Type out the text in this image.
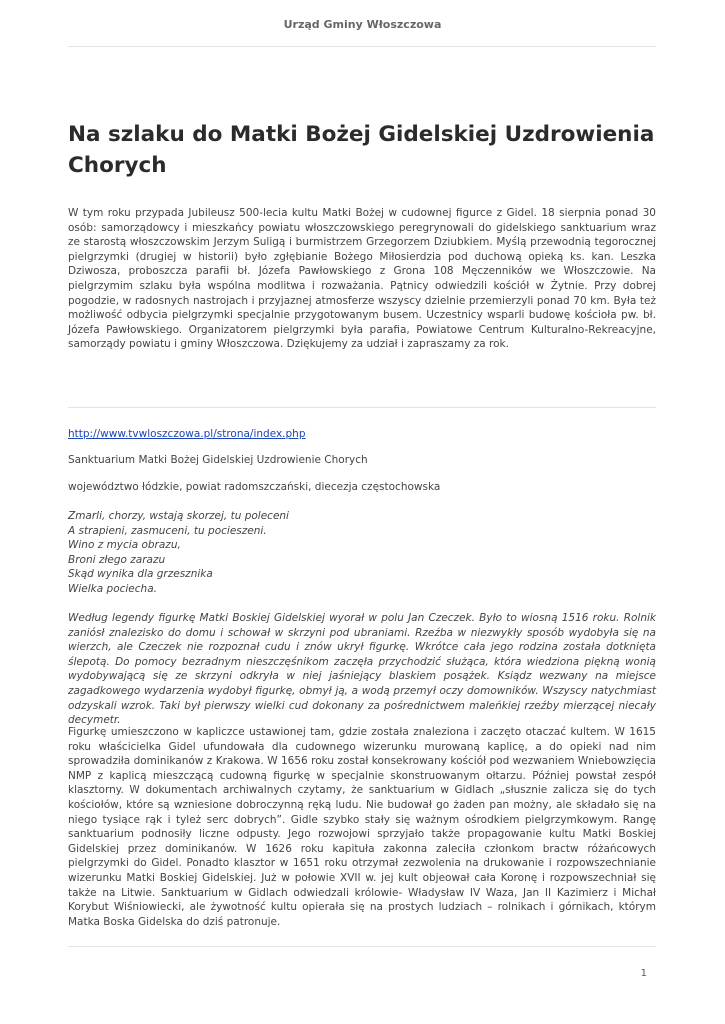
Urząd Gminy Włoszczowa
Na szlaku do Matki Bożej Gidelskiej Uzdrowienia Chorych

W tym roku przypada Jubileusz 500-lecia kultu Matki Bożej w cudownej figurce z Gidel. 18 sierpnia ponad 30 osób: samorządowcy i mieszkańcy powiatu włoszczowskiego peregrynowali do gidelskiego sanktuarium wraz ze starostą włoszczowskim Jerzym Suligą i burmistrzem Grzegorzem Dziubkiem. Myślą przewodnią tegorocznej pielgrzymki (drugiej w historii) było zgłębianie Bożego Miłosierdzia pod duchową opieką ks. kan. Leszka Dziwosza, proboszcza parafii bł. Józefa Pawłowskiego z Grona 108 Męczenników we Włoszczowie. Na pielgrzymim szlaku była wspólna modlitwa i rozważania. Pątnicy odwiedzili kościół w Żytnie. Przy dobrej pogodzie, w radosnych nastrojach i przyjaznej atmosferze wszyscy dzielnie przemierzyli ponad 70 km. Była też możliwość odbycia pielgrzymki specjalnie przygotowanym busem. Uczestnicy wsparli budowę kościoła pw. bł. Józefa Pawłowskiego. Organizatorem pielgrzymki była parafia, Powiatowe Centrum Kulturalno-Rekreacyjne, samorządy powiatu i gminy Włoszczowa. Dziękujemy za udział i zapraszamy za rok.

http://www.tvwloszczowa.pl/strona/index.php

Sanktuarium Matki Bożej Gidelskiej Uzdrowienie Chorych

województwo łódzkie, powiat radomszczański, diecezja częstochowska

Zmarli, chorzy, wstają skorzej, tu poleceni
A strapieni, zasmuceni, tu pocieszeni.
Wino z mycia obrazu,
Broni złego zarazu
Skąd wynika dla grzesznika
Wielka pociecha.

Według legendy figurkę Matki Boskiej Gidelskiej wyorał w polu Jan Czeczek. Było to wiosną 1516 roku. Rolnik zaniósł znalezisko do domu i schował w skrzyni pod ubraniami. Rzeźba w niezwykły sposób wydobyła się na wierzch, ale Czeczek nie rozpoznał cudu i znów ukrył figurkę. Wkrótce cała jego rodzina została dotknięta ślepotą. Do pomocy bezradnym nieszczęśnikom zaczęła przychodzić służąca, która wiedziona piękną wonią wydobywającą się ze skrzyni odkryła w niej jaśniejący blaskiem posążek. Ksiądz wezwany na miejsce zagadkowego wydarzenia wydobył figurkę, obmył ją, a wodą przemył oczy domowników. Wszyscy natychmiast odzyskali wzrok. Taki był pierwszy wielki cud dokonany za pośrednictwem maleńkiej rzeźby mierzącej niecały decymetr.

Figurkę umieszczono w kapliczce ustawionej tam, gdzie została znaleziona i zaczęto otaczać kultem. W 1615 roku właścicielka Gidel ufundowała dla cudownego wizerunku murowaną kaplicę, a do opieki nad nim sprowadziła dominikanów z Krakowa. W 1656 roku został konsekrowany kościół pod wezwaniem Wniebowzięcia NMP z kaplicą mieszczącą cudowną figurkę w specjalnie skonstruowanym ołtarzu. Później powstał zespół klasztorny. W dokumentach archiwalnych czytamy, że sanktuarium w Gidlach „słusznie zalicza się do tych kościołów, które są wzniesione dobroczynną ręką ludu. Nie budował go żaden pan możny, ale składało się na niego tysiące rąk i tyleż serc dobrych”. Gidle szybko stały się ważnym ośrodkiem pielgrzymkowym. Rangę sanktuarium podnosiły liczne odpusty. Jego rozwojowi sprzyjało także propagowanie kultu Matki Boskiej Gidelskiej przez dominikanów. W 1626 roku kapituła zakonna zaleciła członkom bractw różańcowych pielgrzymki do Gidel. Ponadto klasztor w 1651 roku otrzymał zezwolenia na drukowanie i rozpowszechnianie wizerunku Matki Boskiej Gidelskiej. Już w połowie XVII w. jej kult objeował cała Koronę i rozpowszechniał się także na Litwie. Sanktuarium w Gidlach odwiedzali królowie- Władysław IV Waza, Jan II Kazimierz i Michał Korybut Wiśniowiecki, ale żywotność kultu opierała się na prostych ludziach – rolnikach i górnikach, którym Matka Boska Gidelska do dziś patronuje.

1
